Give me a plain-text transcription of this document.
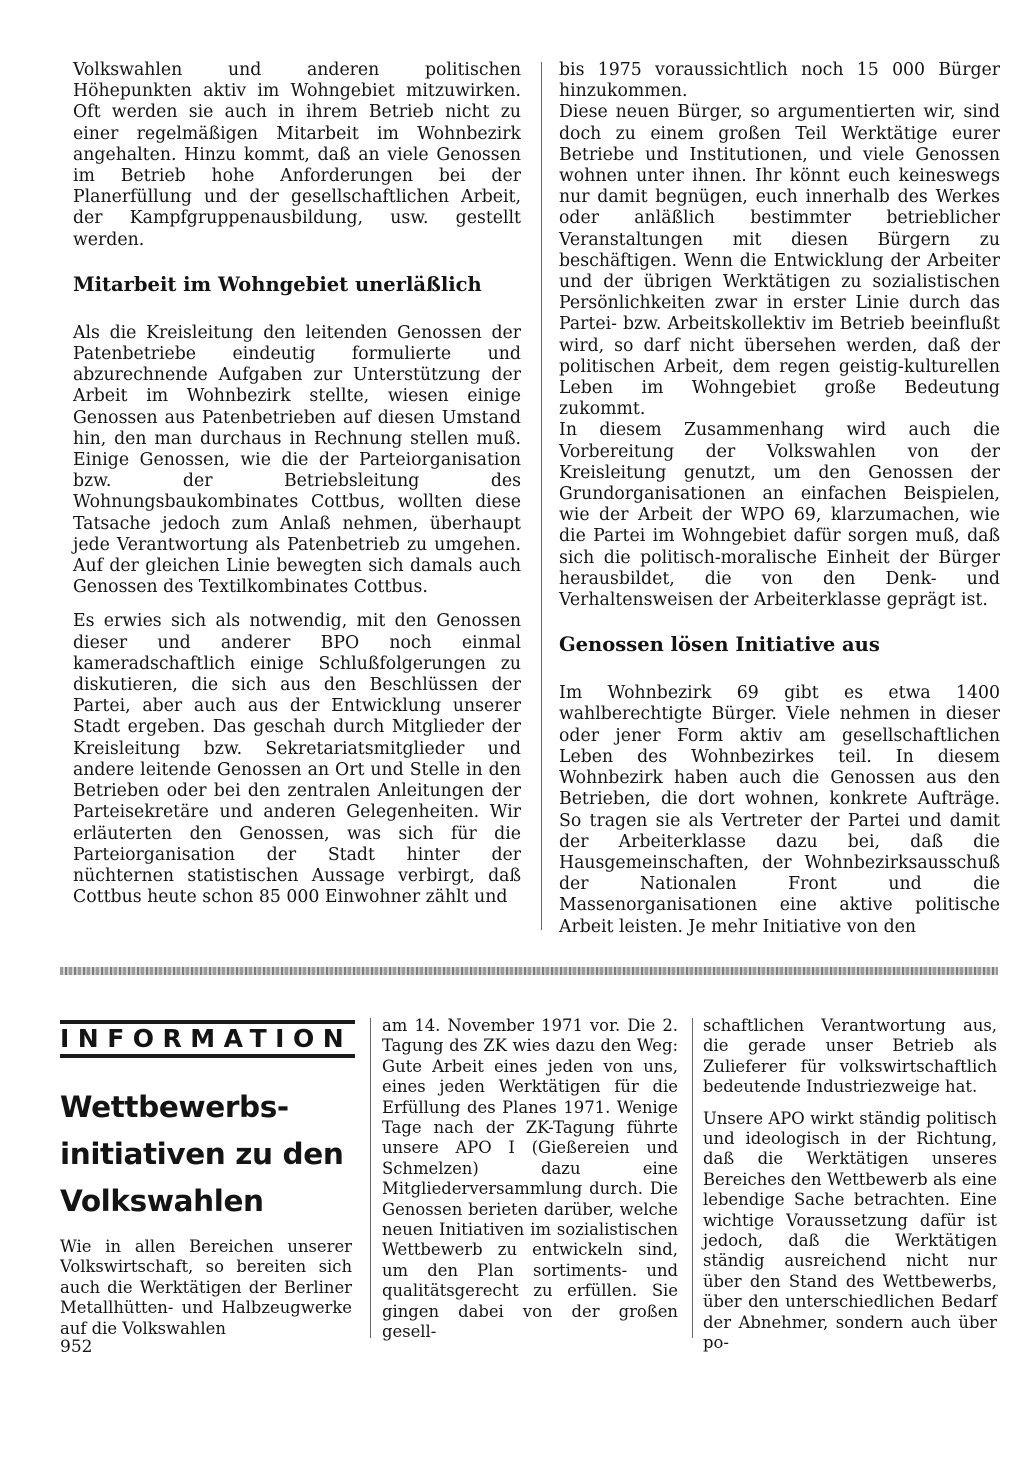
Volkswahlen und anderen politischen Höhepunkten aktiv im Wohngebiet mitzuwirken. Oft werden sie auch in ihrem Betrieb nicht zu einer regelmäßigen Mitarbeit im Wohnbezirk angehalten. Hinzu kommt, daß an viele Genossen im Betrieb hohe Anforderungen bei der Planerfüllung und der gesellschaftlichen Arbeit, der Kampfgruppenausbildung, usw. gestellt werden.

Mitarbeit im Wohngebiet unerläßlich

Als die Kreisleitung den leitenden Genossen der Patenbetriebe eindeutig formulierte und abzurechnende Aufgaben zur Unterstützung der Arbeit im Wohnbezirk stellte, wiesen einige Genossen aus Patenbetrieben auf diesen Umstand hin, den man durchaus in Rechnung stellen muß. Einige Genossen, wie die der Parteiorganisation bzw. der Betriebsleitung des Wohnungsbaukombinates Cottbus, wollten diese Tatsache jedoch zum Anlaß nehmen, überhaupt jede Verantwortung als Patenbetrieb zu umgehen. Auf der gleichen Linie bewegten sich damals auch Genossen des Textilkombinates Cottbus.

Es erwies sich als notwendig, mit den Genossen dieser und anderer BPO noch einmal kameradschaftlich einige Schlußfolgerungen zu diskutieren, die sich aus den Beschlüssen der Partei, aber auch aus der Entwicklung unserer Stadt ergeben. Das geschah durch Mitglieder der Kreisleitung bzw. Sekretariatsmitglieder und andere leitende Genossen an Ort und Stelle in den Betrieben oder bei den zentralen Anleitungen der Parteisekretäre und anderen Gelegenheiten. Wir erläuterten den Genossen, was sich für die Parteiorganisation der Stadt hinter der nüchternen statistischen Aussage verbirgt, daß Cottbus heute schon 85 000 Einwohner zählt und

bis 1975 voraussichtlich noch 15 000 Bürger hinzukommen.

Diese neuen Bürger, so argumentierten wir, sind doch zu einem großen Teil Werktätige eurer Betriebe und Institutionen, und viele Genossen wohnen unter ihnen. Ihr könnt euch keineswegs nur damit begnügen, euch innerhalb des Werkes oder anläßlich bestimmter betrieblicher Veranstaltungen mit diesen Bürgern zu beschäftigen. Wenn die Entwicklung der Arbeiter und der übrigen Werktätigen zu sozialistischen Persönlichkeiten zwar in erster Linie durch das Partei- bzw. Arbeitskollektiv im Betrieb beeinflußt wird, so darf nicht übersehen werden, daß der politischen Arbeit, dem regen geistig-kulturellen Leben im Wohngebiet große Bedeutung zukommt.

In diesem Zusammenhang wird auch die Vorbereitung der Volkswahlen von der Kreisleitung genutzt, um den Genossen der Grundorganisationen an einfachen Beispielen, wie der Arbeit der WPO 69, klarzumachen, wie die Partei im Wohngebiet dafür sorgen muß, daß sich die politisch-moralische Einheit der Bürger herausbildet, die von den Denk- und Verhaltensweisen der Arbeiterklasse geprägt ist.

Genossen lösen Initiative aus

Im Wohnbezirk 69 gibt es etwa 1400 wahlberechtigte Bürger. Viele nehmen in dieser oder jener Form aktiv am gesellschaftlichen Leben des Wohnbezirkes teil. In diesem Wohnbezirk haben auch die Genossen aus den Betrieben, die dort wohnen, konkrete Aufträge. So tragen sie als Vertreter der Partei und damit der Arbeiterklasse dazu bei, daß die Hausgemeinschaften, der Wohnbezirksausschuß der Nationalen Front und die Massenorganisationen eine aktive politische Arbeit leisten. Je mehr Initiative von den

INFORMATION
Wettbewerbs-
initiativen zu den
Volkswahlen

Wie in allen Bereichen unserer Volkswirtschaft, so bereiten sich auch die Werktätigen der Berliner Metallhütten- und Halbzeugwerke auf die Volkswahlen

am 14. November 1971 vor. Die 2. Tagung des ZK wies dazu den Weg: Gute Arbeit eines jeden von uns, eines jeden Werktätigen für die Erfüllung des Planes 1971. Wenige Tage nach der ZK-Tagung führte unsere APO I (Gießereien und Schmelzen) dazu eine Mitgliederversammlung durch. Die Genossen berieten darüber, welche neuen Initiativen im sozialistischen Wettbewerb zu entwickeln sind, um den Plan sortiments- und qualitätsgerecht zu erfüllen. Sie gingen dabei von der großen gesell-

schaftlichen Verantwortung aus, die gerade unser Betrieb als Zulieferer für volkswirtschaftlich bedeutende Industriezweige hat.

Unsere APO wirkt ständig politisch und ideologisch in der Richtung, daß die Werktätigen unseres Bereiches den Wettbewerb als eine lebendige Sache betrachten. Eine wichtige Voraussetzung dafür ist jedoch, daß die Werktätigen ständig ausreichend nicht nur über den Stand des Wettbewerbs, über den unterschiedlichen Bedarf der Abnehmer, sondern auch über po-

952
